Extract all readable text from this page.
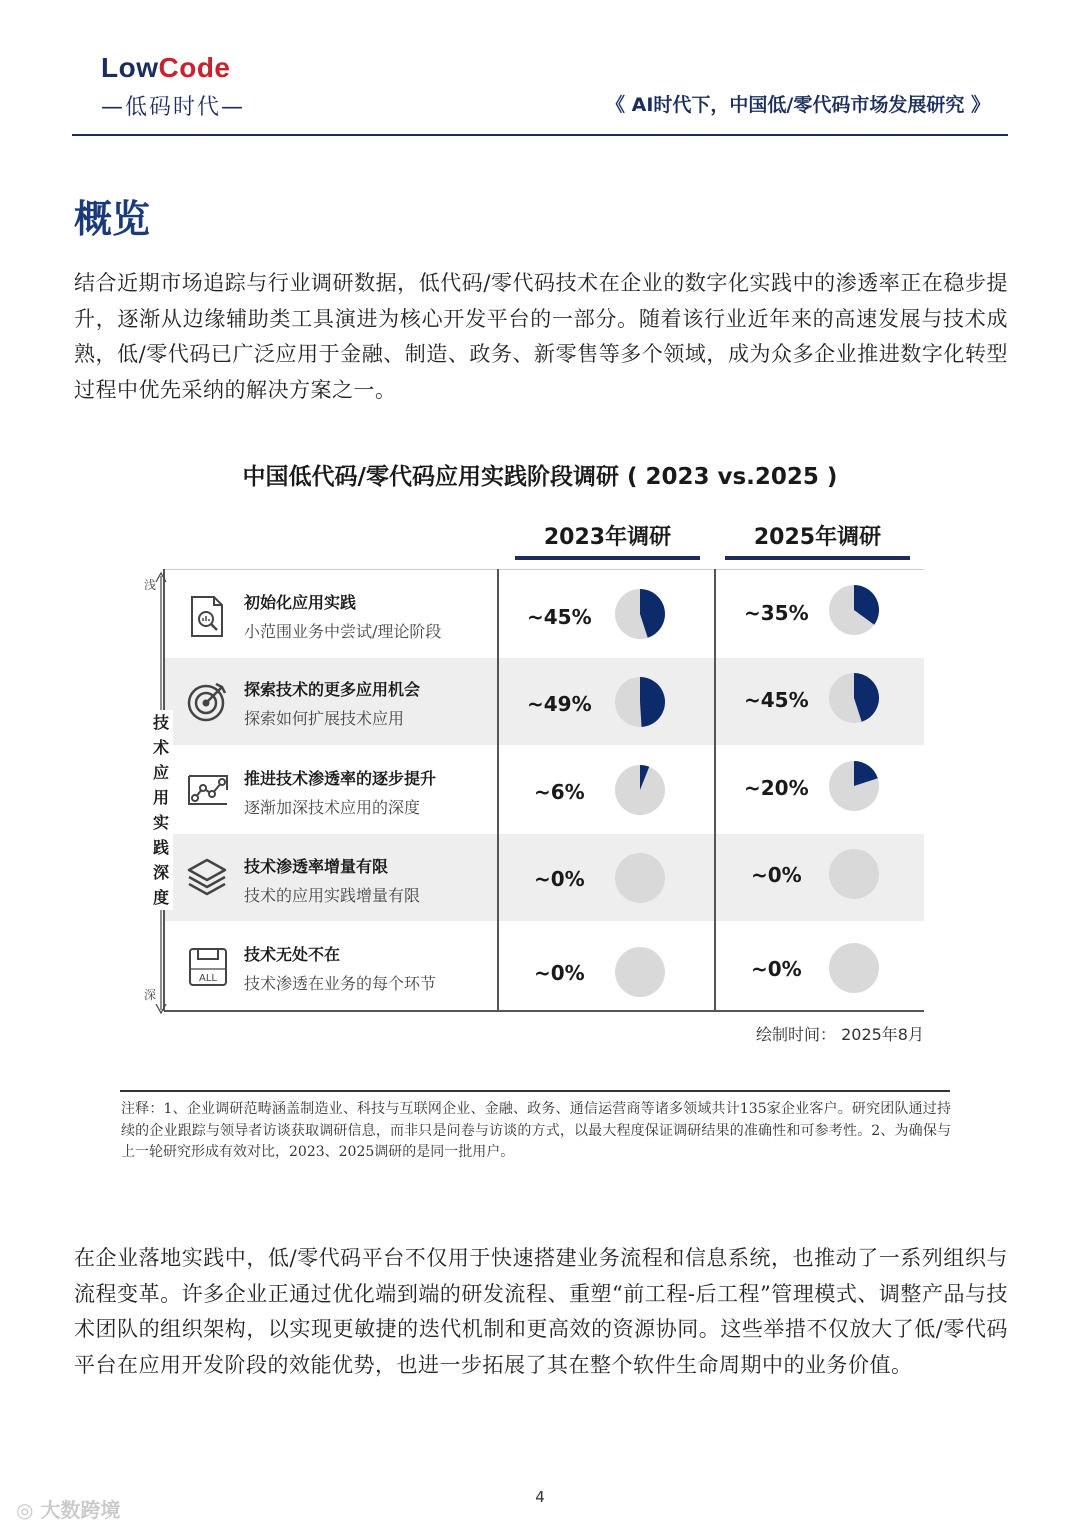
LowCode
—低码时代—	《 AI时代下，中国低/零代码市场发展研究 》
概览
结合近期市场追踪与行业调研数据，低代码/零代码技术在企业的数字化实践中的渗透率正在稳步提升，逐渐从边缘辅助类工具演进为核心开发平台的一部分。随着该行业近年来的高速发展与技术成熟，低/零代码已广泛应用于金融、制造、政务、新零售等多个领域，成为众多企业推进数字化转型过程中优先采纳的解决方案之一。
中国低代码/零代码应用实践阶段调研 ( 2023 vs.2025 )
2023年调研	2025年调研
浅
深
技术应用实践深度
初始化应用实践
小范围业务中尝试/理论阶段
~45%	~35%
探索技术的更多应用机会
探索如何扩展技术应用
~49%	~45%
推进技术渗透率的逐步提升
逐渐加深技术应用的深度
~6%	~20%
技术渗透率增量有限
技术的应用实践增量有限
~0%	~0%
ALL
技术无处不在
技术渗透在业务的每个环节	~0%	~0%
绘制时间： 2025年8月
注释：1、企业调研范畴涵盖制造业、科技与互联网企业、金融、政务、通信运营商等诸多领域共计135家企业客户。研究团队通过持续的企业跟踪与领导者访谈获取调研信息，而非只是问卷与访谈的方式，以最大程度保证调研结果的准确性和可参考性。2、为确保与上一轮研究形成有效对比，2023、2025调研的是同一批用户。
在企业落地实践中，低/零代码平台不仅用于快速搭建业务流程和信息系统，也推动了一系列组织与流程变革。许多企业正通过优化端到端的研发流程、重塑“前工程-后工程”管理模式、调整产品与技术团队的组织架构，以实现更敏捷的迭代机制和更高效的资源协同。这些举措不仅放大了低/零代码平台在应用开发阶段的效能优势，也进一步拓展了其在整个软件生命周期中的业务价值。
4
◎ 大数跨境
